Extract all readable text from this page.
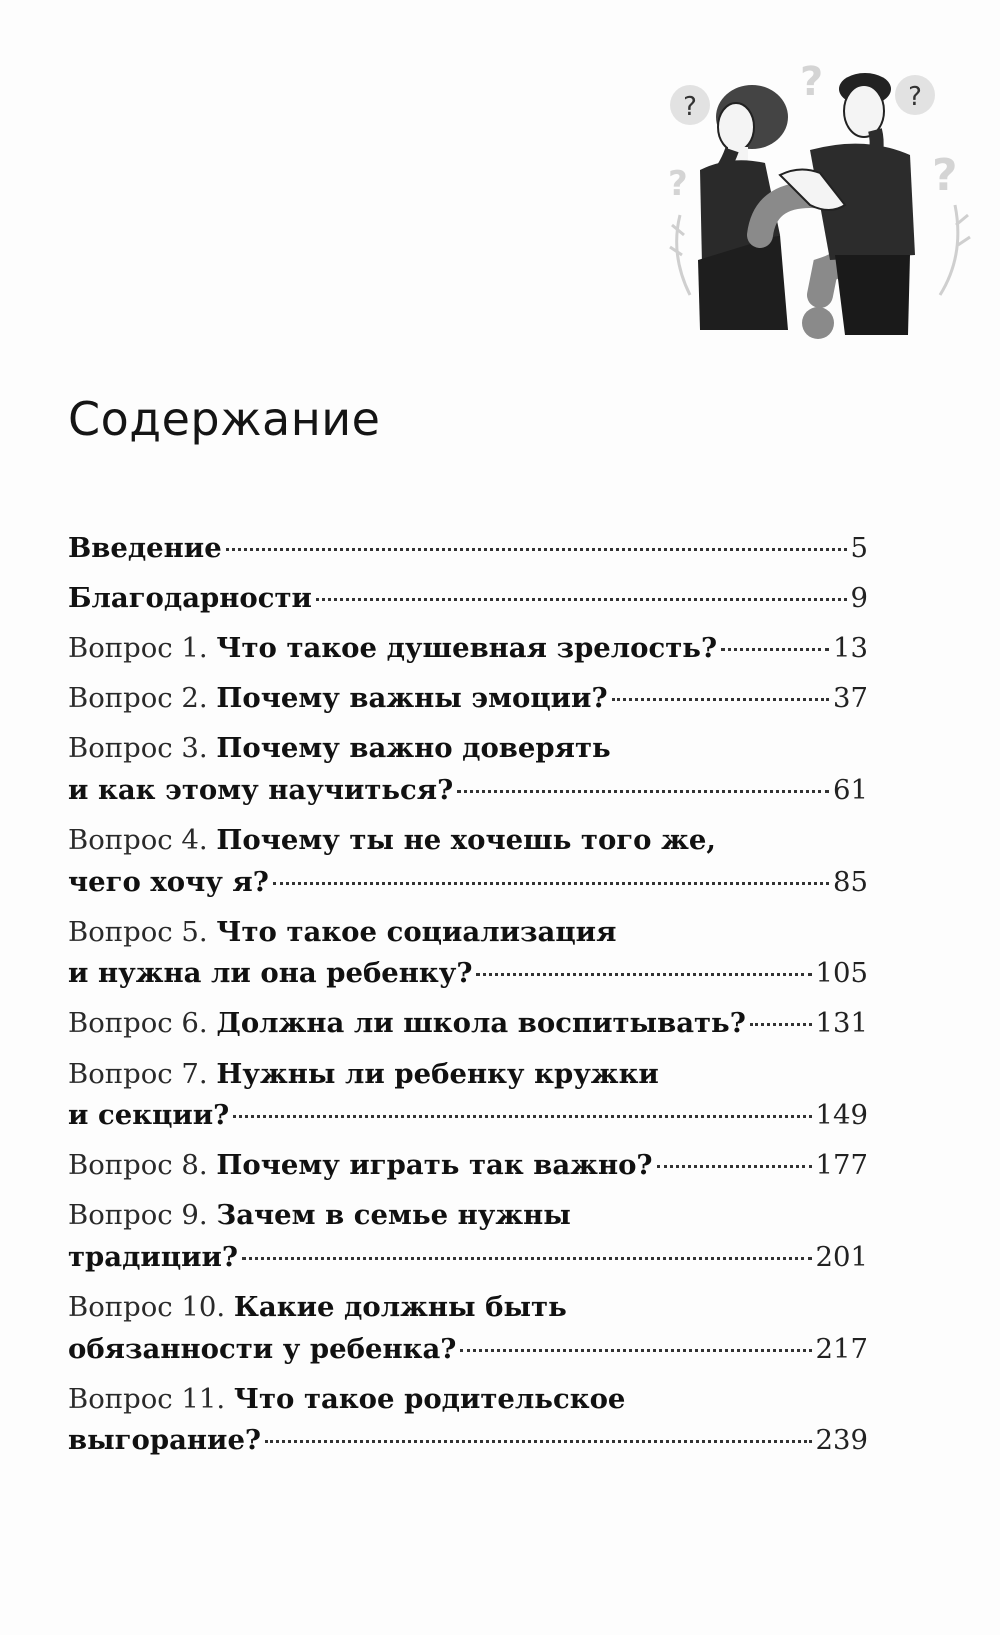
?	?
?
?
?
Содержание
Введение	5
Благодарности	9
Вопрос 1.
Что такое душевная зрелость?	13
Вопрос 2.
Почему важны эмоции?	37
Вопрос 3.
Почему важно доверять
и как этому научиться?	61
Вопрос 4.
Почему ты не хочешь того же,
чего хочу я?	85
Вопрос 5.
Что такое социализация
и нужна ли она ребенку?	105
Вопрос 6.
Должна ли школа воспитывать?	131
Вопрос 7.
Нужны ли ребенку кружки
и секции?	149
Вопрос 8.
Почему играть так важно?	177
Вопрос 9.
Зачем в семье нужны
традиции?	201
Вопрос 10.
Какие должны быть
обязанности у ребенка?	217
Вопрос 11.
Что такое родительское
выгорание?	239
